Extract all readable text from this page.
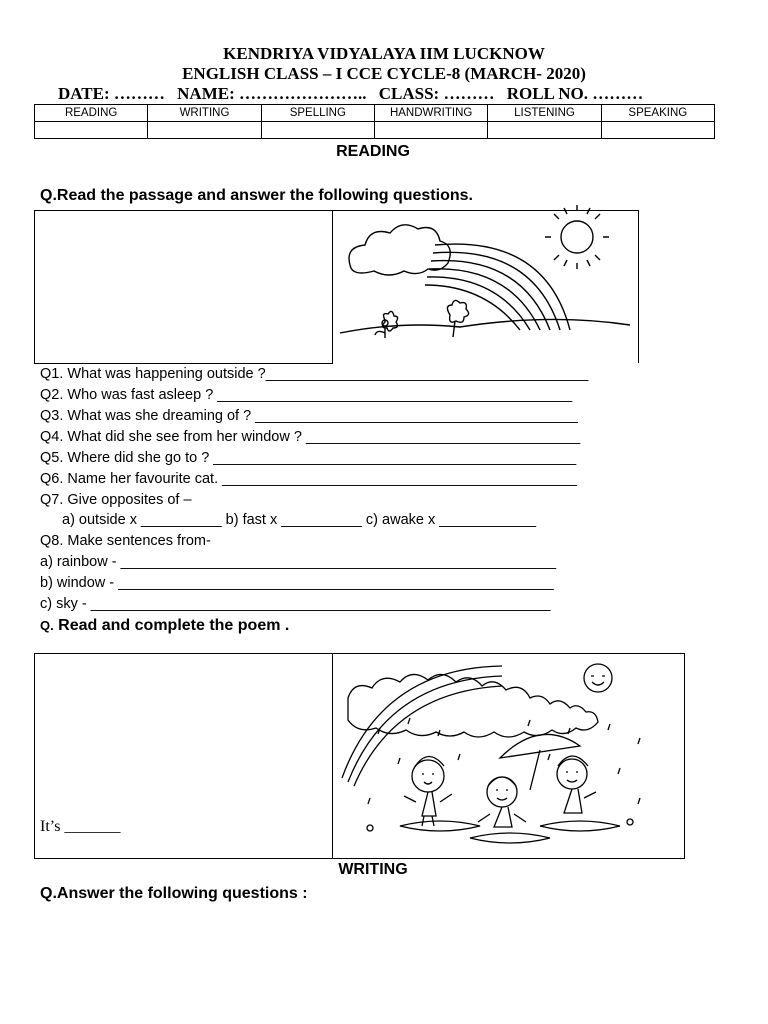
KENDRIYA VIDYALAYA IIM LUCKNOW
ENGLISH CLASS – I CCE CYCLE-8 (MARCH- 2020)
DATE: ……… NAME: ………………….. CLASS: ……… ROLL NO. ………
READING	WRITING	SPELLING	HANDWRITING	LISTENING	SPEAKING

READING
Q.Read the passage and answer the following questions.
Q1. What was happening outside ?________________________________________
Q2. Who was fast asleep ? ____________________________________________
Q3. What was she dreaming of ? ________________________________________
Q4. What did she see from her window ? __________________________________
Q5. Where did she go to ? _____________________________________________
Q6. Name her favourite cat. ____________________________________________
Q7. Give opposites of –
a) outside x __________ b) fast x __________ c) awake x ____________
Q8. Make sentences from-
a) rainbow - ______________________________________________________
b) window - ______________________________________________________
c) sky - _________________________________________________________
Q. Read and complete the poem .
It’s _______
WRITING
Q.Answer the following questions :
